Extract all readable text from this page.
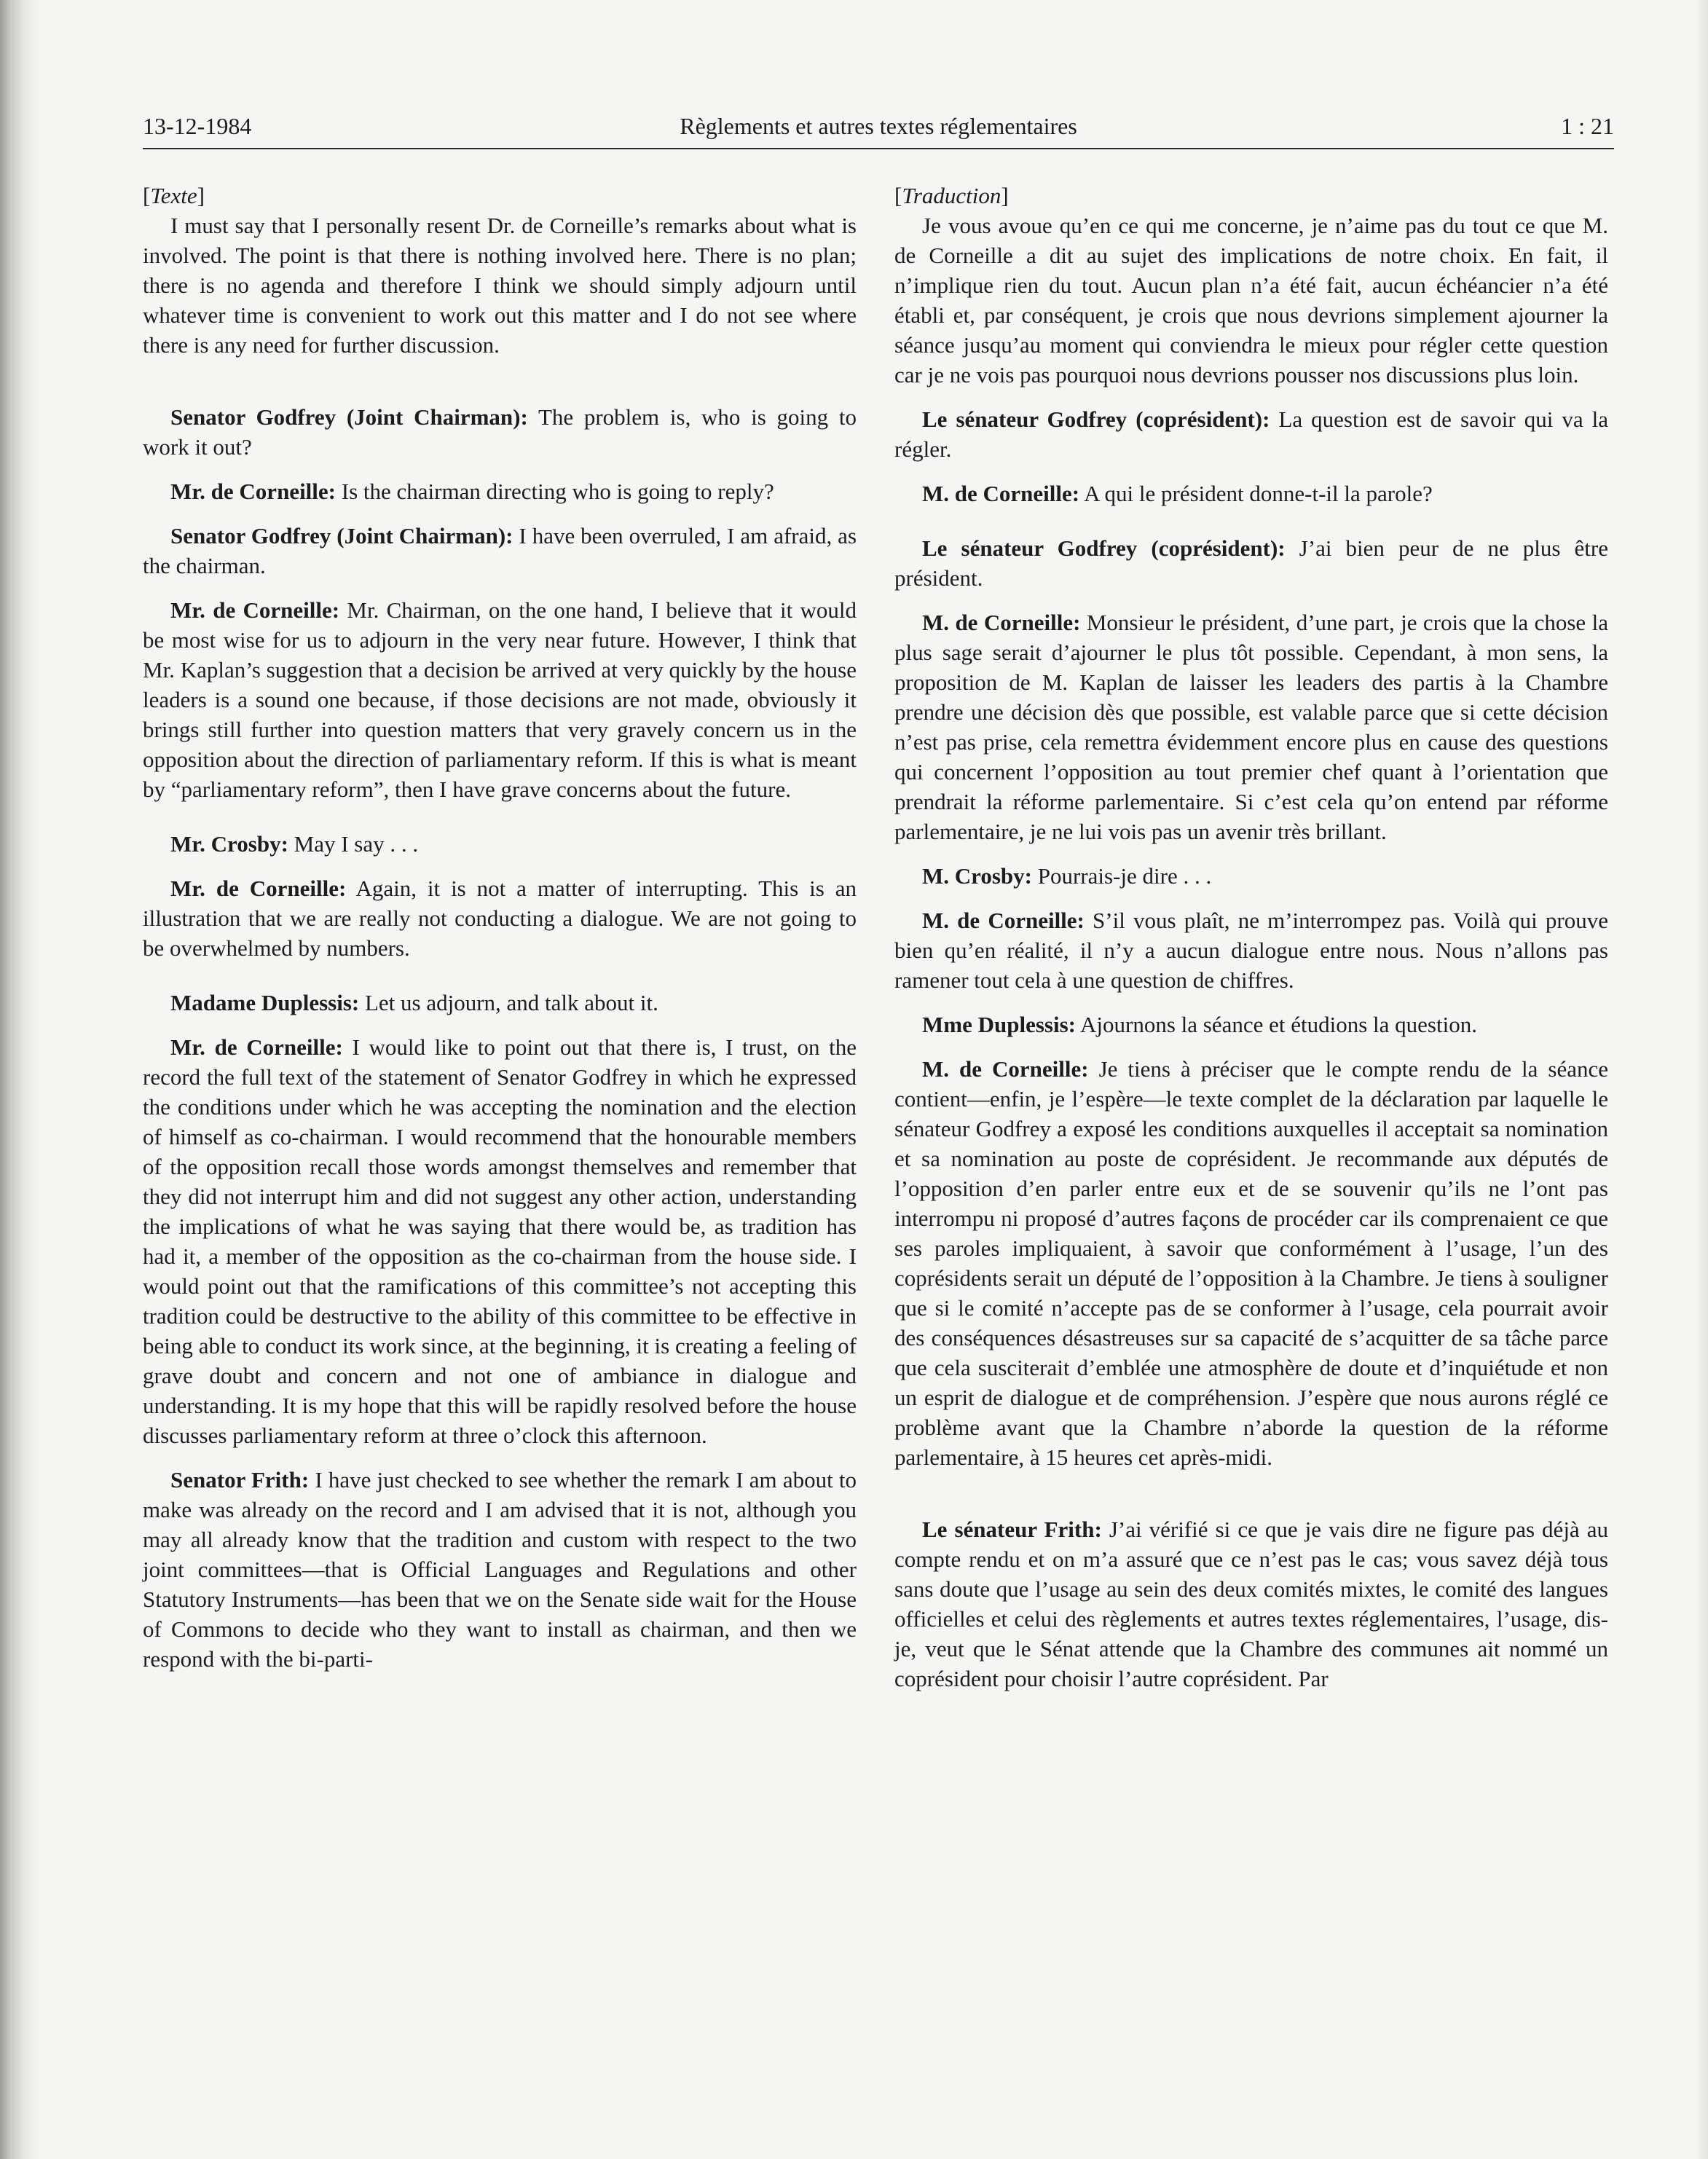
13-12-1984	Règlements et autres textes réglementaires	1 : 21

[Texte]

I must say that I personally resent Dr. de Corneille’s remarks about what is involved. The point is that there is nothing involved here. There is no plan; there is no agenda and therefore I think we should simply adjourn until whatever time is convenient to work out this matter and I do not see where there is any need for further discussion.

Senator Godfrey (Joint Chairman): The problem is, who is going to work it out?

Mr. de Corneille: Is the chairman directing who is going to reply?

Senator Godfrey (Joint Chairman): I have been overruled, I am afraid, as the chairman.

Mr. de Corneille: Mr. Chairman, on the one hand, I believe that it would be most wise for us to adjourn in the very near future. However, I think that Mr. Kaplan’s suggestion that a decision be arrived at very quickly by the house leaders is a sound one because, if those decisions are not made, obviously it brings still further into question matters that very gravely concern us in the opposition about the direction of parliamentary reform. If this is what is meant by “parliamentary reform”, then I have grave concerns about the future.

Mr. Crosby: May I say . . .

Mr. de Corneille: Again, it is not a matter of interrupting. This is an illustration that we are really not conducting a dialogue. We are not going to be overwhelmed by numbers.

Madame Duplessis: Let us adjourn, and talk about it.

Mr. de Corneille: I would like to point out that there is, I trust, on the record the full text of the statement of Senator Godfrey in which he expressed the conditions under which he was accepting the nomination and the election of himself as co-chairman. I would recommend that the honourable members of the opposition recall those words amongst themselves and remember that they did not interrupt him and did not suggest any other action, understanding the implications of what he was saying that there would be, as tradition has had it, a member of the opposition as the co-chairman from the house side. I would point out that the ramifications of this committee’s not accepting this tradition could be destructive to the ability of this committee to be effective in being able to conduct its work since, at the beginning, it is creating a feeling of grave doubt and concern and not one of ambiance in dialogue and understanding. It is my hope that this will be rapidly resolved before the house discusses parliamentary reform at three o’clock this afternoon.

Senator Frith: I have just checked to see whether the remark I am about to make was already on the record and I am advised that it is not, although you may all already know that the tradition and custom with respect to the two joint committees—that is Official Languages and Regulations and other Statutory Instruments—has been that we on the Senate side wait for the House of Commons to decide who they want to install as chairman, and then we respond with the bi-parti-

[Traduction]

Je vous avoue qu’en ce qui me concerne, je n’aime pas du tout ce que M. de Corneille a dit au sujet des implications de notre choix. En fait, il n’implique rien du tout. Aucun plan n’a été fait, aucun échéancier n’a été établi et, par conséquent, je crois que nous devrions simplement ajourner la séance jusqu’au moment qui conviendra le mieux pour régler cette question car je ne vois pas pourquoi nous devrions pousser nos discussions plus loin.

Le sénateur Godfrey (coprésident): La question est de savoir qui va la régler.

M. de Corneille: A qui le président donne-t-il la parole?

Le sénateur Godfrey (coprésident): J’ai bien peur de ne plus être président.

M. de Corneille: Monsieur le président, d’une part, je crois que la chose la plus sage serait d’ajourner le plus tôt possible. Cependant, à mon sens, la proposition de M. Kaplan de laisser les leaders des partis à la Chambre prendre une décision dès que possible, est valable parce que si cette décision n’est pas prise, cela remettra évidemment encore plus en cause des questions qui concernent l’opposition au tout premier chef quant à l’orientation que prendrait la réforme parlementaire. Si c’est cela qu’on entend par réforme parlementaire, je ne lui vois pas un avenir très brillant.

M. Crosby: Pourrais-je dire . . .

M. de Corneille: S’il vous plaît, ne m’interrompez pas. Voilà qui prouve bien qu’en réalité, il n’y a aucun dialogue entre nous. Nous n’allons pas ramener tout cela à une question de chiffres.

Mme Duplessis: Ajournons la séance et étudions la question.

M. de Corneille: Je tiens à préciser que le compte rendu de la séance contient—enfin, je l’espère—le texte complet de la déclaration par laquelle le sénateur Godfrey a exposé les conditions auxquelles il acceptait sa nomination et sa nomination au poste de coprésident. Je recommande aux députés de l’opposition d’en parler entre eux et de se souvenir qu’ils ne l’ont pas interrompu ni proposé d’autres façons de procéder car ils comprenaient ce que ses paroles impliquaient, à savoir que conformément à l’usage, l’un des coprésidents serait un député de l’opposition à la Chambre. Je tiens à souligner que si le comité n’accepte pas de se conformer à l’usage, cela pourrait avoir des conséquences désastreuses sur sa capacité de s’acquitter de sa tâche parce que cela susciterait d’emblée une atmosphère de doute et d’inquiétude et non un esprit de dialogue et de compréhension. J’espère que nous aurons réglé ce problème avant que la Chambre n’aborde la question de la réforme parlementaire, à 15 heures cet après-midi.

Le sénateur Frith: J’ai vérifié si ce que je vais dire ne figure pas déjà au compte rendu et on m’a assuré que ce n’est pas le cas; vous savez déjà tous sans doute que l’usage au sein des deux comités mixtes, le comité des langues officielles et celui des règlements et autres textes réglementaires, l’usage, dis-je, veut que le Sénat attende que la Chambre des communes ait nommé un coprésident pour choisir l’autre coprésident. Par
